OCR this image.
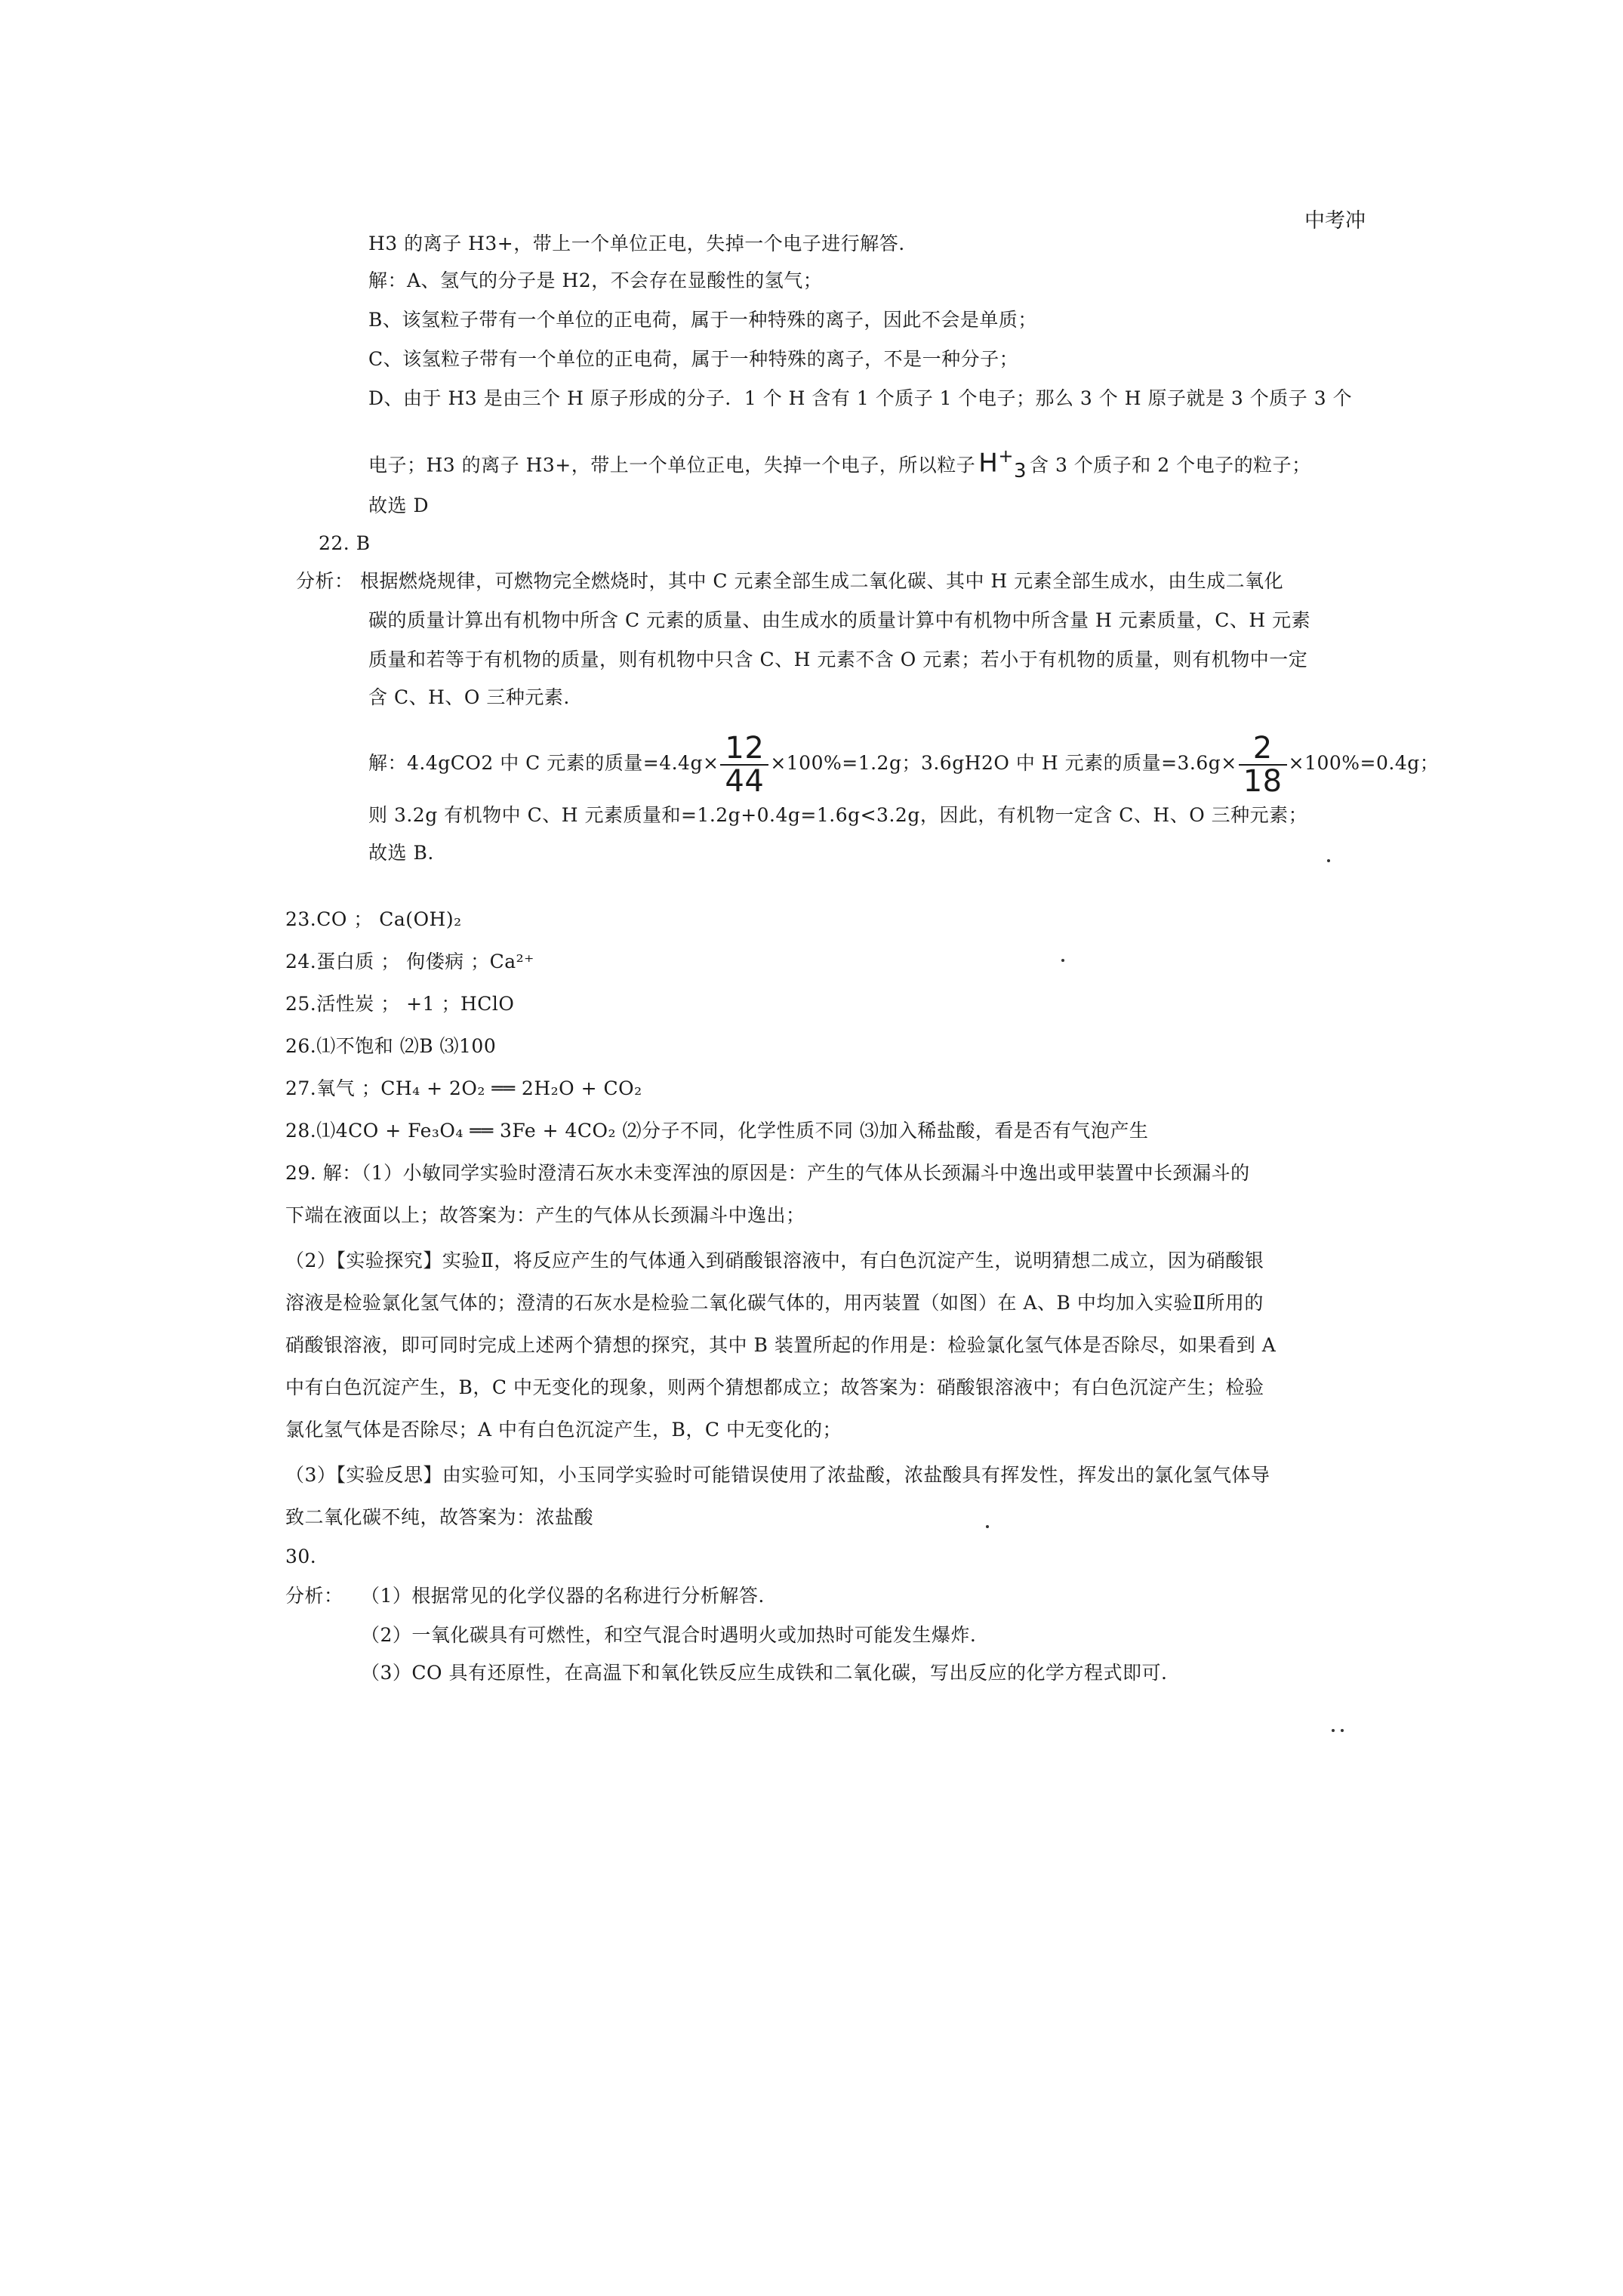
中考冲
H3 的离子 H3+，带上一个单位正电，失掉一个电子进行解答.
解：A、氢气的分子是 H2，不会存在显酸性的氢气；
B、该氢粒子带有一个单位的正电荷，属于一种特殊的离子，因此不会是单质；
C、该氢粒子带有一个单位的正电荷，属于一种特殊的离子，不是一种分子；
D、由于 H3 是由三个 H 原子形成的分子．1 个 H 含有 1 个质子 1 个电子；那么 3 个 H 原子就是 3 个质子 3 个
电子；H3 的离子 H3+，带上一个单位正电，失掉一个电子，所以粒子 $H^+_3$ 含 3 个质子和 2 个电子的粒子；
故选 D
22. B
分析： 根据燃烧规律，可燃物完全燃烧时，其中 C 元素全部生成二氧化碳、其中 H 元素全部生成水，由生成二氧化
碳的质量计算出有机物中所含 C 元素的质量、由生成水的质量计算中有机物中所含量 H 元素质量，C、H 元素
质量和若等于有机物的质量，则有机物中只含 C、H 元素不含 O 元素；若小于有机物的质量，则有机物中一定
含 C、H、O 三种元素.
解：4.4gCO2 中 C 元素的质量$=4.4g\times \frac{12}{44} \times 100\%=1.2g$；3.6gH2O 中 H 元素的质量$=3.6g\times \frac{2}{18} \times 100\%=0.4g$；
则 3.2g 有机物中 C、H 元素质量和=1.2g+0.4g=1.6g<3.2g，因此，有机物一定含 C、H、O 三种元素；
故选 B.
23.CO ； Ca(OH)₂
24.蛋白质 ； 佝偻病 ；Ca²⁺
25.活性炭 ； +1 ；HClO
26.⑴不饱和 ⑵B ⑶100
27.氧气 ；CH₄ + 2O₂ ══ 2H₂O + CO₂
28.⑴4CO + Fe₃O₄ ══ 3Fe + 4CO₂ ⑵分子不同，化学性质不同 ⑶加入稀盐酸，看是否有气泡产生
29. 解：（1）小敏同学实验时澄清石灰水未变浑浊的原因是：产生的气体从长颈漏斗中逸出或甲装置中长颈漏斗的
下端在液面以上；故答案为：产生的气体从长颈漏斗中逸出；
（2）【实验探究】实验Ⅱ，将反应产生的气体通入到硝酸银溶液中，有白色沉淀产生，说明猜想二成立，因为硝酸银
溶液是检验氯化氢气体的；澄清的石灰水是检验二氧化碳气体的，用丙装置（如图）在 A、B 中均加入实验Ⅱ所用的
硝酸银溶液，即可同时完成上述两个猜想的探究，其中 B 装置所起的作用是：检验氯化氢气体是否除尽，如果看到 A
中有白色沉淀产生，B，C 中无变化的现象，则两个猜想都成立；故答案为：硝酸银溶液中；有白色沉淀产生；检验
氯化氢气体是否除尽；A 中有白色沉淀产生，B，C 中无变化的；
（3）【实验反思】由实验可知，小玉同学实验时可能错误使用了浓盐酸，浓盐酸具有挥发性，挥发出的氯化氢气体导
致二氧化碳不纯，故答案为：浓盐酸
30.
分析： （1）根据常见的化学仪器的名称进行分析解答.
（2）一氧化碳具有可燃性，和空气混合时遇明火或加热时可能发生爆炸.
（3）CO 具有还原性，在高温下和氧化铁反应生成铁和二氧化碳，写出反应的化学方程式即可.
